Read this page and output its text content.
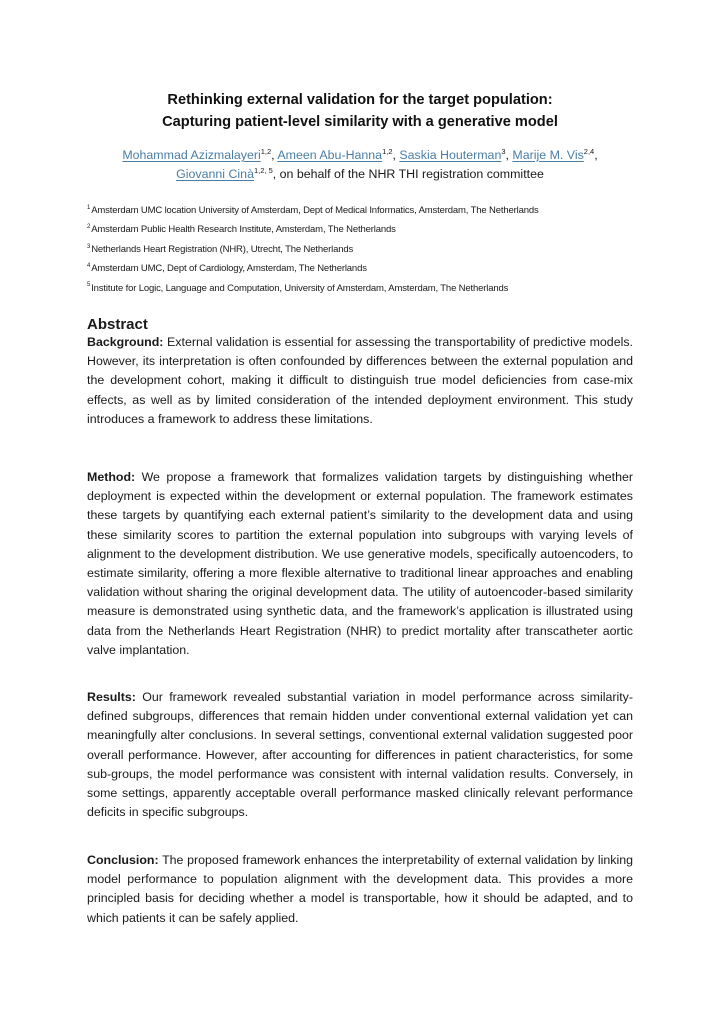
Rethinking external validation for the target population:
Capturing patient-level similarity with a generative model
Mohammad Azizmalayeri$^{1,2}$, Ameen Abu-Hanna$^{1,2}$, Saskia Houterman$^3$, Marije M. Vis$^{2,4}$,
Giovanni Cinà$^{1,2, 5}$, on behalf of the NHR THI registration committee
$^1$Amsterdam UMC location University of Amsterdam, Dept of Medical Informatics, Amsterdam, The Netherlands
$^2$Amsterdam Public Health Research Institute, Amsterdam, The Netherlands
$^3$Netherlands Heart Registration (NHR), Utrecht, The Netherlands
$^4$Amsterdam UMC, Dept of Cardiology, Amsterdam, The Netherlands
$^5$Institute for Logic, Language and Computation, University of Amsterdam, Amsterdam, The Netherlands
Abstract

Background: External validation is essential for assessing the transportability of predictive models. However, its interpretation is often confounded by differences between the external population and the development cohort, making it difficult to distinguish true model deficiencies from case-mix effects, as well as by limited consideration of the intended deployment environment. This study introduces a framework to address these limitations.

Method: We propose a framework that formalizes validation targets by distinguishing whether deployment is expected within the development or external population. The framework estimates these targets by quantifying each external patient’s similarity to the development data and using these similarity scores to partition the external population into subgroups with varying levels of alignment to the development distribution. We use generative models, specifically autoencoders, to estimate similarity, offering a more flexible alternative to traditional linear approaches and enabling validation without sharing the original development data. The utility of autoencoder-based similarity measure is demonstrated using synthetic data, and the framework’s application is illustrated using data from the Netherlands Heart Registration (NHR) to predict mortality after transcatheter aortic valve implantation.

Results: Our framework revealed substantial variation in model performance across similarity-defined subgroups, differences that remain hidden under conventional external validation yet can meaningfully alter conclusions. In several settings, conventional external validation suggested poor overall performance. However, after accounting for differences in patient characteristics, for some sub-groups, the model performance was consistent with internal validation results. Conversely, in some settings, apparently acceptable overall performance masked clinically relevant performance deficits in specific subgroups.

Conclusion: The proposed framework enhances the interpretability of external validation by linking model performance to population alignment with the development data. This provides a more principled basis for deciding whether a model is transportable, how it should be adapted, and to which patients it can be safely applied.
